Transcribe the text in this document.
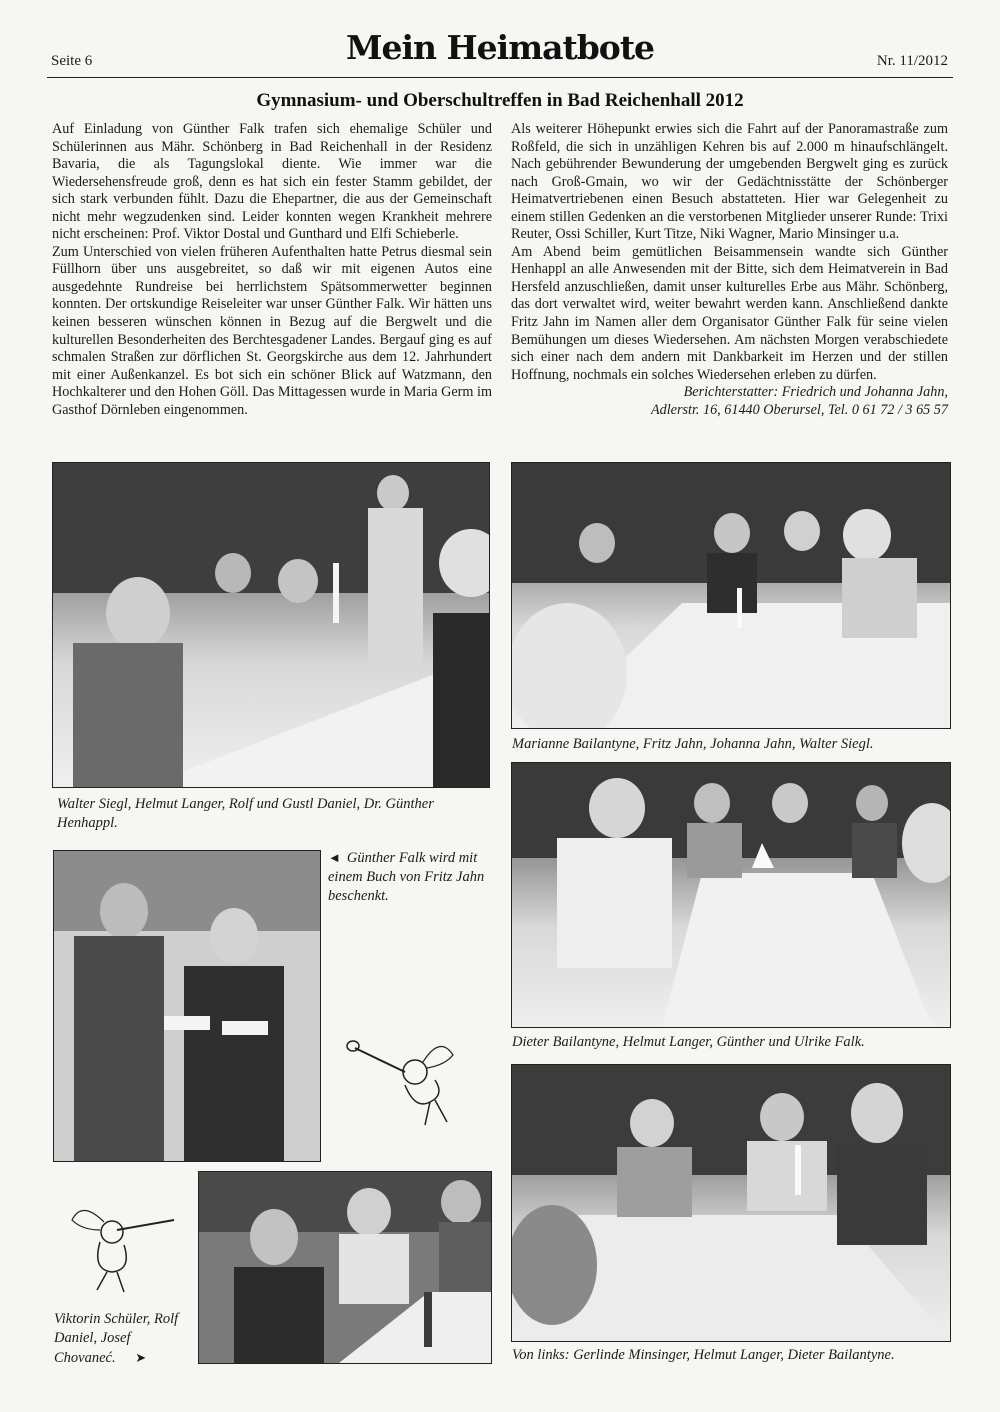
Seite 6	Mein Heimatbote	Nr. 11/2012
Gymnasium- und Oberschultreffen in Bad Reichenhall 2012

Auf Einladung von Günther Falk trafen sich ehemalige Schüler und Schülerinnen aus Mähr. Schönberg in Bad Reichenhall in der Residenz Bavaria, die als Tagungslokal diente. Wie immer war die Wiedersehensfreude groß, denn es hat sich ein fester Stamm gebildet, der sich stark verbunden fühlt. Dazu die Ehepartner, die aus der Gemeinschaft nicht mehr wegzudenken sind. Leider konnten wegen Krankheit mehrere nicht erscheinen: Prof. Viktor Dostal und Gunthard und Elfi Schieberle.

Zum Unterschied von vielen früheren Aufenthalten hatte Petrus diesmal sein Füllhorn über uns ausgebreitet, so daß wir mit eigenen Autos eine ausgedehnte Rundreise bei herrlichstem Spätsommerwetter beginnen konnten. Der ortskundige Reiseleiter war unser Günther Falk. Wir hätten uns keinen besseren wünschen können in Bezug auf die Bergwelt und die kulturellen Besonderheiten des Berchtesgadener Landes. Bergauf ging es auf schmalen Straßen zur dörflichen St. Georgskirche aus dem 12. Jahrhundert mit einer Außenkanzel. Es bot sich ein schöner Blick auf Watzmann, den Hochkalterer und den Hohen Göll. Das Mittagessen wurde in Maria Germ im Gasthof Dörnleben eingenommen.

Als weiterer Höhepunkt erwies sich die Fahrt auf der Panoramastraße zum Roßfeld, die sich in unzähligen Kehren bis auf 2.000 m hinaufschlängelt. Nach gebührender Bewunderung der umgebenden Bergwelt ging es zurück nach Groß-Gmain, wo wir der Gedächtnisstätte der Schönberger Heimatvertriebenen einen Besuch abstatteten. Hier war Gelegenheit zu einem stillen Gedenken an die verstorbenen Mitglieder unserer Runde: Trixi Reuter, Ossi Schiller, Kurt Titze, Niki Wagner, Mario Minsinger u.a.

Am Abend beim gemütlichen Beisammensein wandte sich Günther Henhappl an alle Anwesenden mit der Bitte, sich dem Heimatverein in Bad Hersfeld anzuschließen, damit unser kulturelles Erbe aus Mähr. Schönberg, das dort verwaltet wird, weiter bewahrt werden kann. Anschließend dankte Fritz Jahn im Namen aller dem Organisator Günther Falk für seine vielen Bemühungen um dieses Wiedersehen. Am nächsten Morgen verabschiedete sich einer nach dem andern mit Dankbarkeit im Herzen und der stillen Hoffnung, nochmals ein solches Wiedersehen erleben zu dürfen.

Berichterstatter: Friedrich und Johanna Jahn,

Adlerstr. 16, 61440 Oberursel, Tel. 0 61 72 / 3 65 57

Walter Siegl, Helmut Langer, Rolf und Gustl Daniel, Dr. Günther Henhappl.
Marianne Bailantyne, Fritz Jahn, Johanna Jahn, Walter Siegl.
◄ Günther Falk wird mit einem Buch von Fritz Jahn beschenkt.
Viktorin Schüler, Rolf Daniel, Josef Chovaneć. ➤
Dieter Bailantyne, Helmut Langer, Günther und Ulrike Falk.
Von links: Gerlinde Minsinger, Helmut Langer, Dieter Bailantyne.
